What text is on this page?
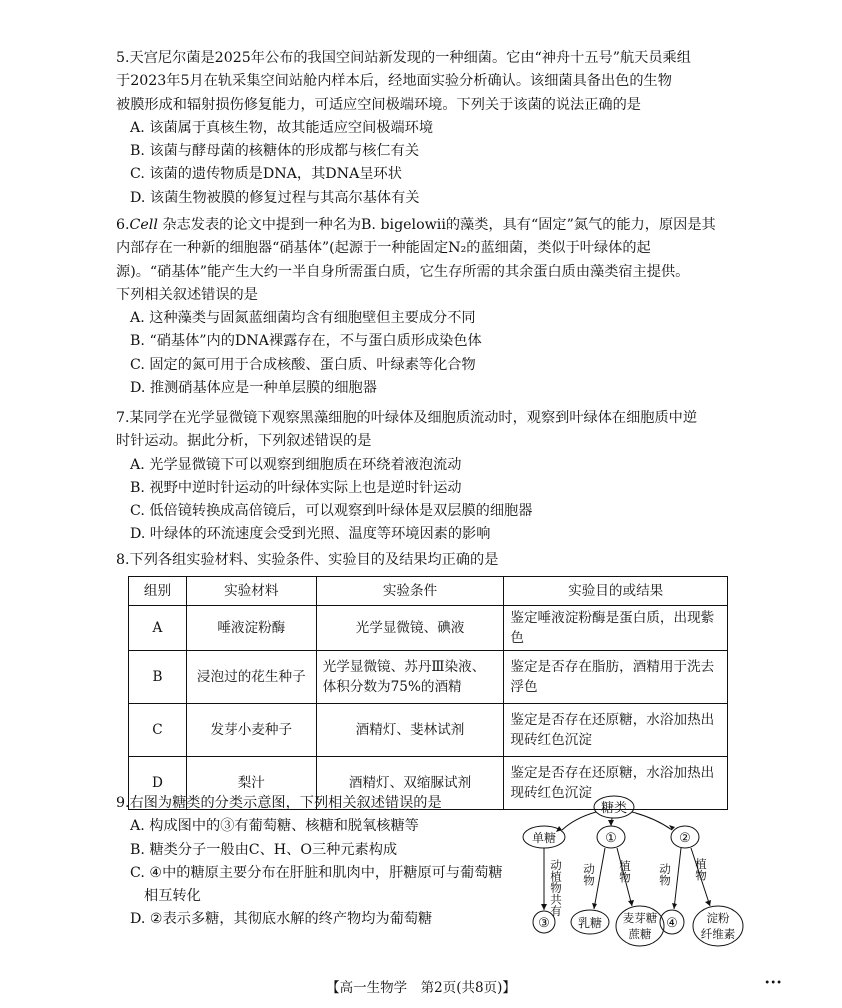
5.天宫尼尔菌是2025年公布的我国空间站新发现的一种细菌。它由“神舟十五号”航天员乘组

于2023年5月在轨采集空间站舱内样本后，经地面实验分析确认。该细菌具备出色的生物

被膜形成和辐射损伤修复能力，可适应空间极端环境。下列关于该菌的说法正确的是

A. 该菌属于真核生物，故其能适应空间极端环境

B. 该菌与酵母菌的核糖体的形成都与核仁有关

C. 该菌的遗传物质是DNA，其DNA呈环状

D. 该菌生物被膜的修复过程与其高尔基体有关

6.Cell 杂志发表的论文中提到一种名为B. bigelowii的藻类，具有“固定”氮气的能力，原因是其

内部存在一种新的细胞器“硝基体”(起源于一种能固定N₂的蓝细菌，类似于叶绿体的起

源)。“硝基体”能产生大约一半自身所需蛋白质，它生存所需的其余蛋白质由藻类宿主提供。

下列相关叙述错误的是

A. 这种藻类与固氮蓝细菌均含有细胞壁但主要成分不同

B. “硝基体”内的DNA裸露存在，不与蛋白质形成染色体

C. 固定的氮可用于合成核酸、蛋白质、叶绿素等化合物

D. 推测硝基体应是一种单层膜的细胞器

7.某同学在光学显微镜下观察黑藻细胞的叶绿体及细胞质流动时，观察到叶绿体在细胞质中逆

时针运动。据此分析，下列叙述错误的是

A. 光学显微镜下可以观察到细胞质在环绕着液泡流动

B. 视野中逆时针运动的叶绿体实际上也是逆时针运动

C. 低倍镜转换成高倍镜后，可以观察到叶绿体是双层膜的细胞器

D. 叶绿体的环流速度会受到光照、温度等环境因素的影响

8.下列各组实验材料、实验条件、实验目的及结果均正确的是

组别	实验材料	实验条件	实验目的或结果
A	唾液淀粉酶	光学显微镜、碘液	鉴定唾液淀粉酶是蛋白质，出现紫色
B	浸泡过的花生种子	光学显微镜、苏丹Ⅲ染液、体积分数为75%的酒精	鉴定是否存在脂肪，酒精用于洗去浮色
C	发芽小麦种子	酒精灯、斐林试剂	鉴定是否存在还原糖，水浴加热出现砖红色沉淀
D	梨汁	酒精灯、双缩脲试剂	鉴定是否存在还原糖，水浴加热出现砖红色沉淀

9.右图为糖类的分类示意图，下列相关叙述错误的是

A. 构成图中的③有葡萄糖、核糖和脱氧核糖等

B. 糖类分子一般由C、H、O三种元素构成

C. ④中的糖原主要分布在肝脏和肌肉中，肝糖原可与葡萄糖

相互转化

D. ②表示多糖，其彻底水解的终产物均为葡萄糖

糖类
单糖	①	②
③ 乳糖 麦芽糖
蔗糖
④ 淀粉
纤维素
动植物共有 动物 植物 动物 植物
【高一生物学　第2页(共8页)】	•••
